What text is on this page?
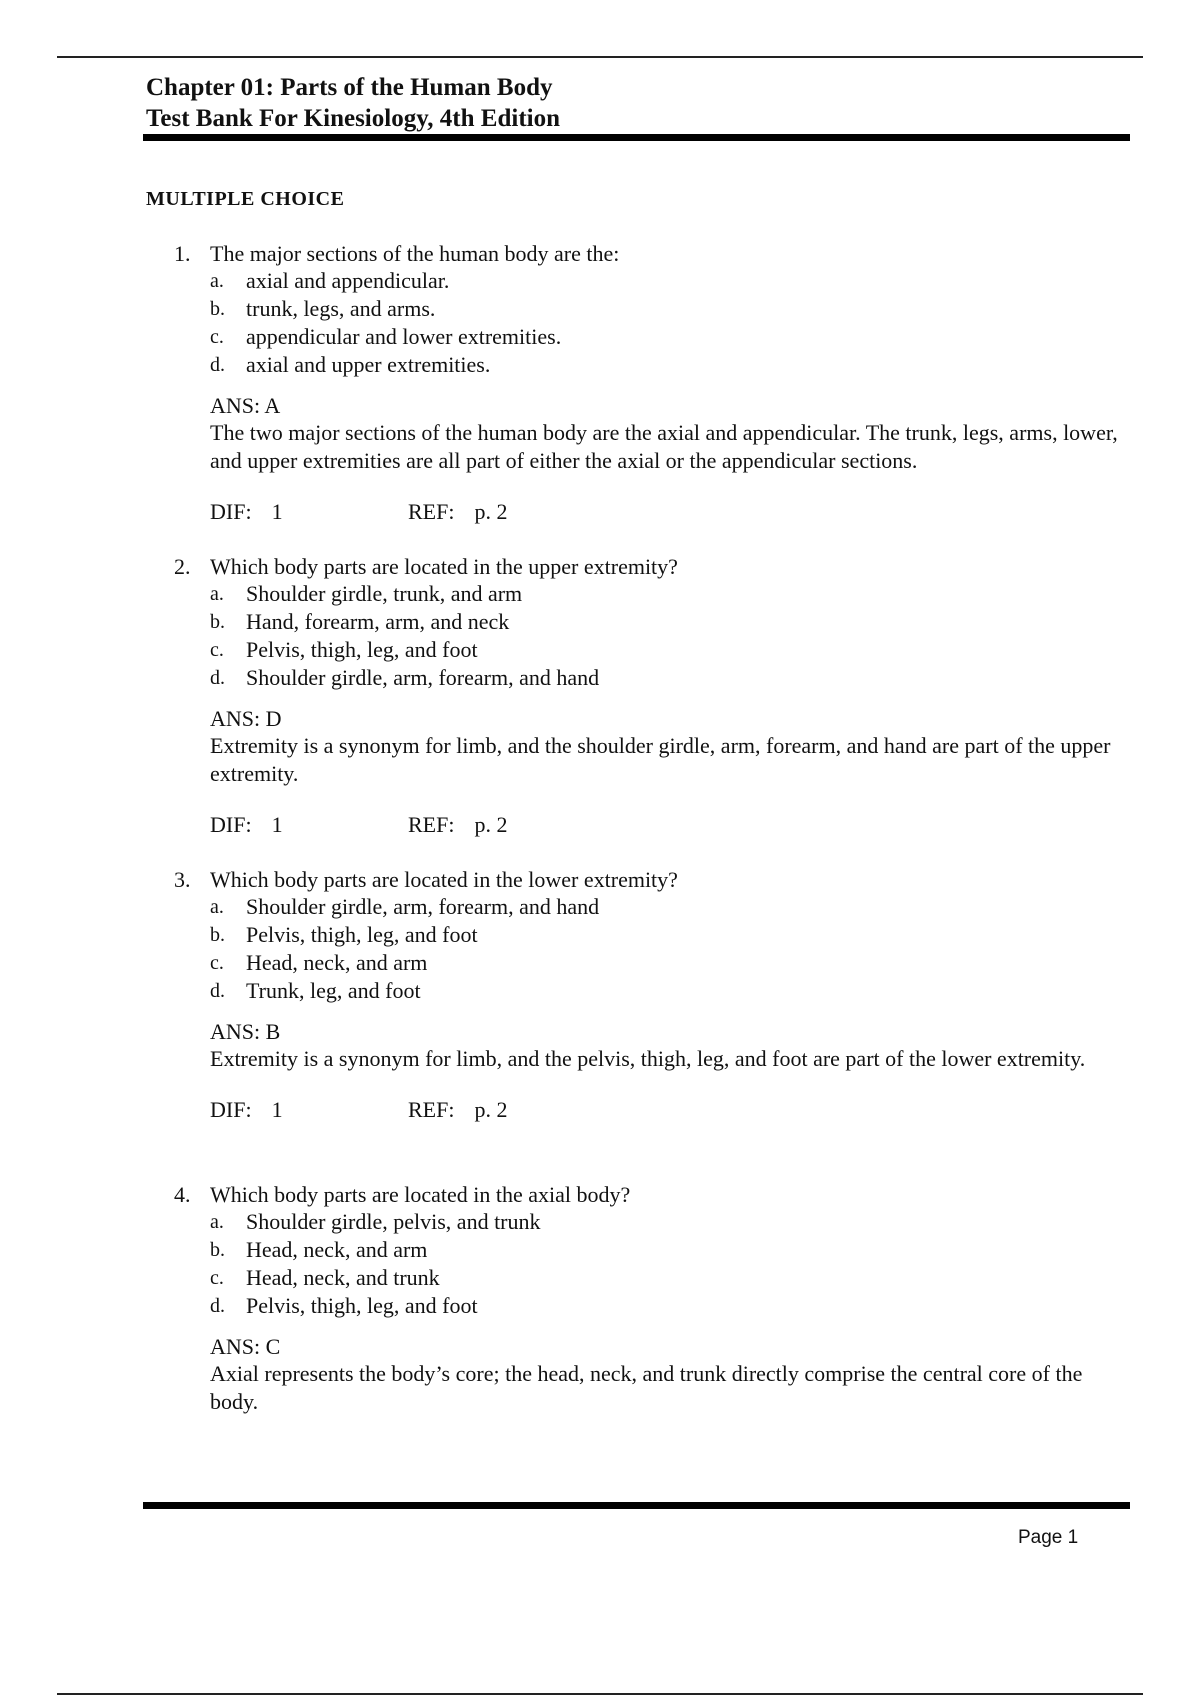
Chapter 01: Parts of the Human Body
Test Bank For Kinesiology, 4th Edition
MULTIPLE CHOICE
1. The major sections of the human body are the:
a.	axial and appendicular.
b. trunk, legs, and arms.
c.	appendicular and lower extremities.
d. axial and upper extremities.
ANS: A
The two major sections of the human body are the axial and appendicular. The trunk, legs, arms, lower, and upper extremities are all part of either the axial or the appendicular sections.
DIF: 1	REF: p. 2
2. Which body parts are located in the upper extremity?
a.	Shoulder girdle, trunk, and arm
b. Hand, forearm, arm, and neck
c.	Pelvis, thigh, leg, and foot
d. Shoulder girdle, arm, forearm, and hand
ANS: D
Extremity is a synonym for limb, and the shoulder girdle, arm, forearm, and hand are part of the upper extremity.
DIF: 1	REF: p. 2
3. Which body parts are located in the lower extremity?
a.	Shoulder girdle, arm, forearm, and hand
b. Pelvis, thigh, leg, and foot
c.	Head, neck, and arm
d. Trunk, leg, and foot
ANS: B
Extremity is a synonym for limb, and the pelvis, thigh, leg, and foot are part of the lower extremity.
DIF: 1	REF: p. 2
4. Which body parts are located in the axial body?
a.	Shoulder girdle, pelvis, and trunk
b. Head, neck, and arm
c.	Head, neck, and trunk
d. Pelvis, thigh, leg, and foot
ANS: C
Axial represents the body’s core; the head, neck, and trunk directly comprise the central core of the body.
Page 1
